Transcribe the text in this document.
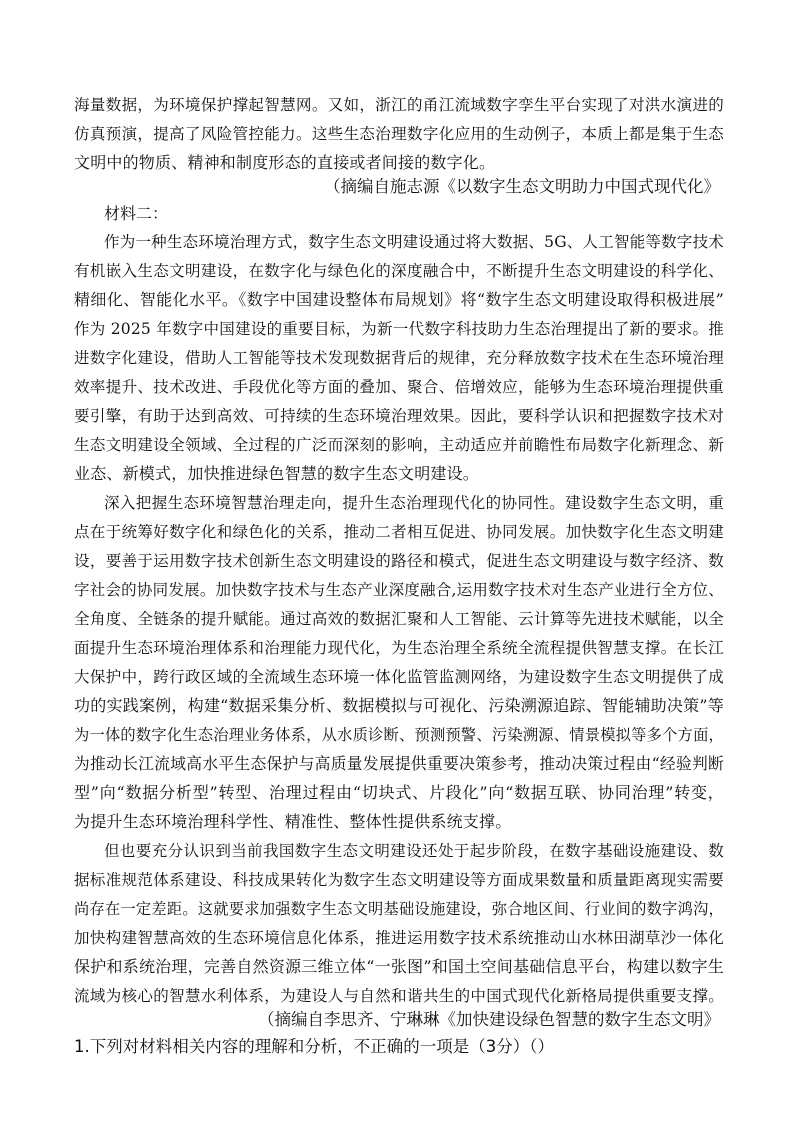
海量数据，为环境保护撑起智慧网。又如，浙江的甬江流域数字孪生平台实现了对洪水演进的
仿真预演，提高了风险管控能力。这些生态治理数字化应用的生动例子，本质上都是集于生态
文明中的物质、精神和制度形态的直接或者间接的数字化。
（摘编自施志源《以数字生态文明助力中国式现代化》
材料二：
作为一种生态环境治理方式，数字生态文明建设通过将大数据、5G、人工智能等数字技术
有机嵌入生态文明建设，在数字化与绿色化的深度融合中，不断提升生态文明建设的科学化、
精细化、智能化水平。《数字中国建设整体布局规划》将“数字生态文明建设取得积极进展”
作为 2025 年数字中国建设的重要目标，为新一代数字科技助力生态治理提出了新的要求。推
进数字化建设，借助人工智能等技术发现数据背后的规律，充分释放数字技术在生态环境治理
效率提升、技术改进、手段优化等方面的叠加、聚合、倍增效应，能够为生态环境治理提供重
要引擎，有助于达到高效、可持续的生态环境治理效果。因此，要科学认识和把握数字技术对
生态文明建设全领域、全过程的广泛而深刻的影响，主动适应并前瞻性布局数字化新理念、新
业态、新模式，加快推进绿色智慧的数字生态文明建设。
深入把握生态环境智慧治理走向，提升生态治理现代化的协同性。建设数字生态文明，重
点在于统筹好数字化和绿色化的关系，推动二者相互促进、协同发展。加快数字化生态文明建
设，要善于运用数字技术创新生态文明建设的路径和模式，促进生态文明建设与数字经济、数
字社会的协同发展。加快数字技术与生态产业深度融合,运用数字技术对生态产业进行全方位、
全角度、全链条的提升赋能。通过高效的数据汇聚和人工智能、云计算等先进技术赋能，以全
面提升生态环境治理体系和治理能力现代化，为生态治理全系统全流程提供智慧支撑。在长江
大保护中，跨行政区域的全流域生态环境一体化监管监测网络，为建设数字生态文明提供了成
功的实践案例，构建“数据采集分析、数据模拟与可视化、污染溯源追踪、智能辅助决策”等
为一体的数字化生态治理业务体系，从水质诊断、预测预警、污染溯源、情景模拟等多个方面，
为推动长江流域高水平生态保护与高质量发展提供重要决策参考，推动决策过程由“经验判断
型”向“数据分析型”转型、治理过程由“切块式、片段化”向“数据互联、协同治理”转变，
为提升生态环境治理科学性、精准性、整体性提供系统支撑。
但也要充分认识到当前我国数字生态文明建设还处于起步阶段，在数字基础设施建设、数
据标准规范体系建设、科技成果转化为数字生态文明建设等方面成果数量和质量距离现实需要
尚存在一定差距。这就要求加强数字生态文明基础设施建设，弥合地区间、行业间的数字鸿沟，
加快构建智慧高效的生态环境信息化体系，推进运用数字技术系统推动山水林田湖草沙一体化
保护和系统治理，完善自然资源三维立体“一张图”和国土空间基础信息平台，构建以数字生
流域为核心的智慧水利体系，为建设人与自然和谐共生的中国式现代化新格局提供重要支撑。
（摘编自李思齐、宁琳琳《加快建设绿色智慧的数字生态文明》
1.下列对材料相关内容的理解和分析，不正确的一项是（3分）（）
